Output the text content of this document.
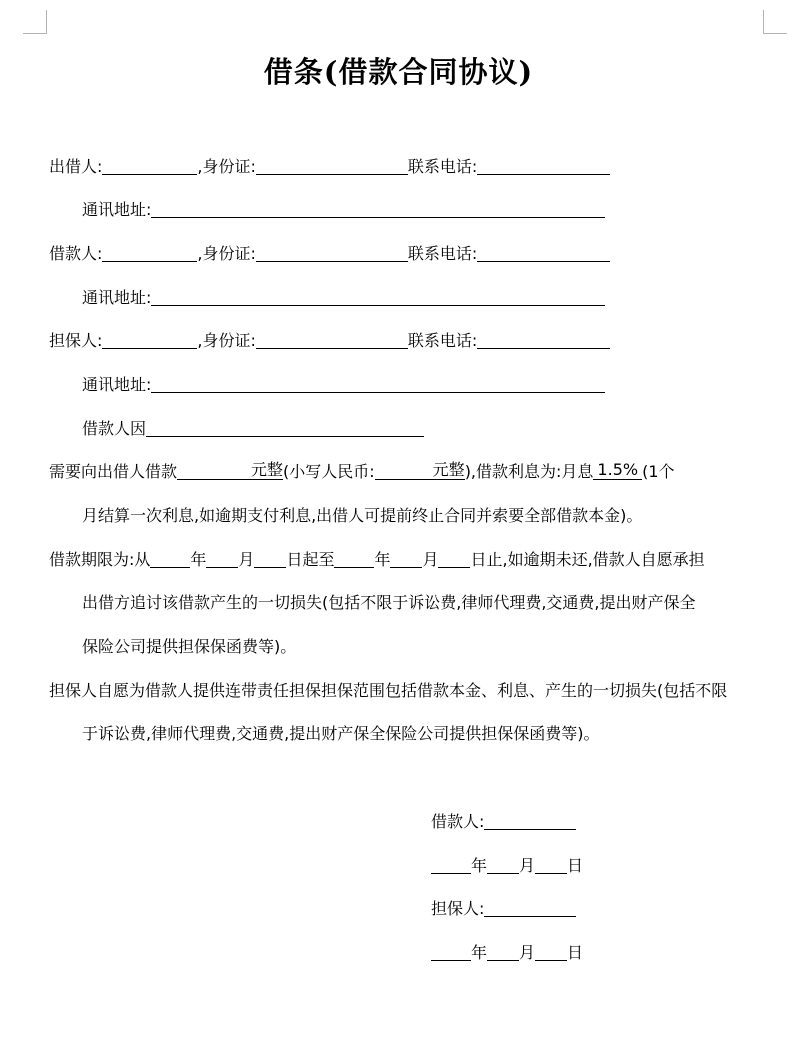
借条(借款合同协议)
出借人:	,身份证:	联系电话:
通讯地址:
借款人:	,身份证:	联系电话:
通讯地址:
担保人:	,身份证:	联系电话:
通讯地址:
借款人因
需要向出借人借款	元整(小写人民币:	元整),借款利息为:月息 1.5% (1个
月结算一次利息,如逾期支付利息,出借人可提前终止合同并索要全部借款本金)。
借款期限为:从	年 月 日起至	年 月 日止,如逾期未还,借款人自愿承担
出借方追讨该借款产生的一切损失(包括不限于诉讼费,律师代理费,交通费,提出财产保全
保险公司提供担保保函费等)。
担保人自愿为借款人提供连带责任担保担保范围包括借款本金、利息、产生的一切损失(包括不限
于诉讼费,律师代理费,交通费,提出财产保全保险公司提供担保保函费等)。
借款人:
年 月 日
担保人:
年 月 日
